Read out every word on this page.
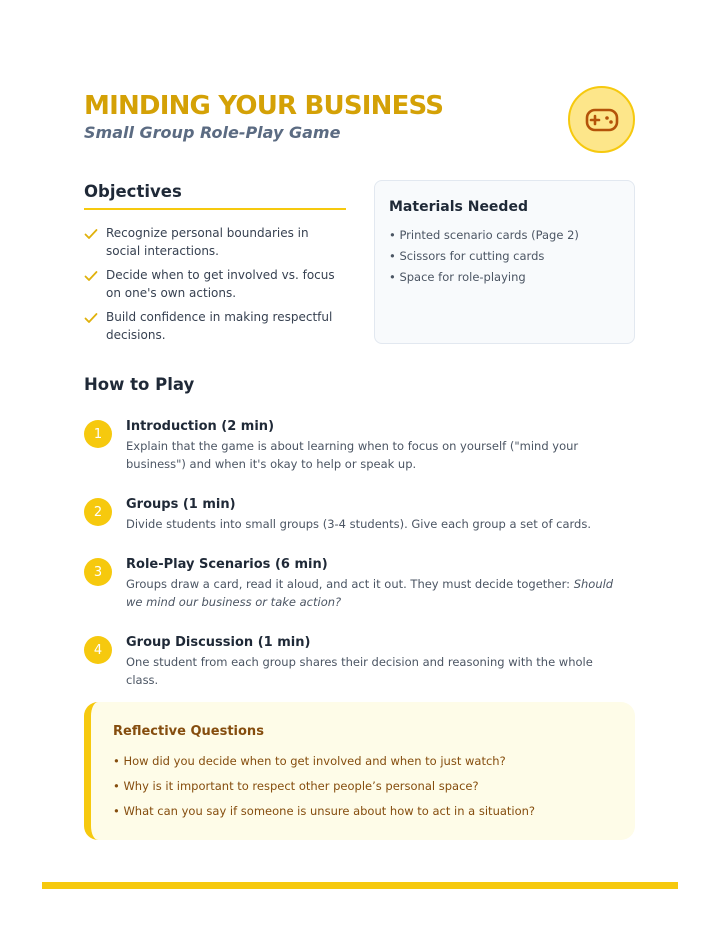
MINDING YOUR BUSINESS
Small Group Role-Play Game
Objectives
Recognize personal boundaries in social interactions.
Decide when to get involved vs. focus on one's own actions.
Build confidence in making respectful decisions.
Materials Needed
• Printed scenario cards (Page 2)
• Scissors for cutting cards
• Space for role-playing
How to Play
1	Introduction (2 min)
Explain that the game is about learning when to focus on yourself ("mind your business") and when it's okay to help or speak up.
2	Groups (1 min)
Divide students into small groups (3-4 students). Give each group a set of cards.
3	Role-Play Scenarios (6 min)
Groups draw a card, read it aloud, and act it out. They must decide together: Should we mind our business or take action?
4	Group Discussion (1 min)
One student from each group shares their decision and reasoning with the whole class.
Reflective Questions
• How did you decide when to get involved and when to just watch?
• Why is it important to respect other people’s personal space?
• What can you say if someone is unsure about how to act in a situation?
